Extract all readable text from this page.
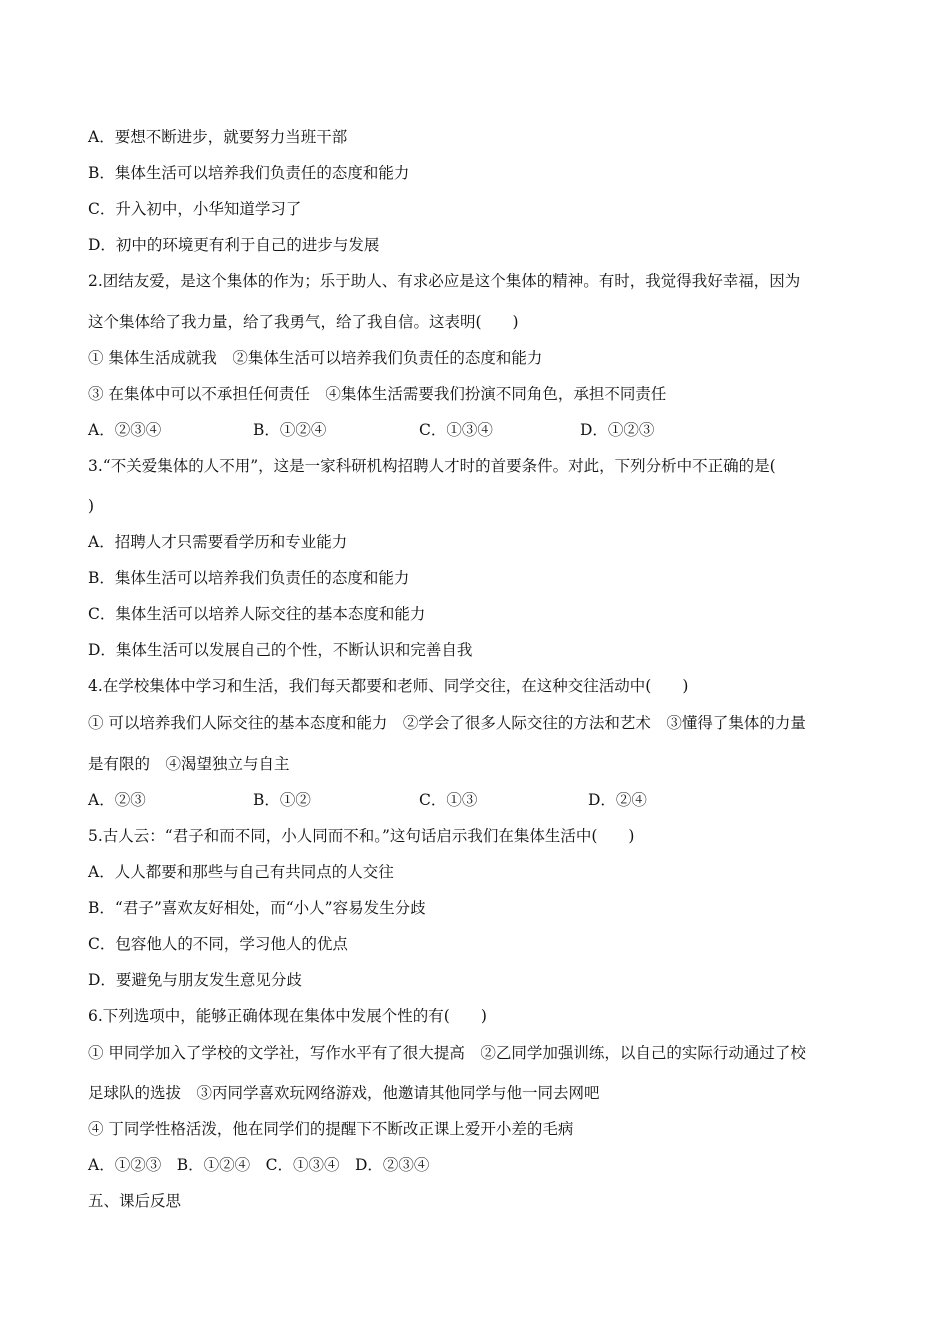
A．要想不断进步，就要努力当班干部
B．集体生活可以培养我们负责任的态度和能力
C．升入初中，小华知道学习了
D．初中的环境更有利于自己的进步与发展
2.团结友爱，是这个集体的作为；乐于助人、有求必应是这个集体的精神。有时，我觉得我好幸福，因为
这个集体给了我力量，给了我勇气，给了我自信。这表明(　　)
① 集体生活成就我　②集体生活可以培养我们负责任的态度和能力
③ 在集体中可以不承担任何责任　④集体生活需要我们扮演不同角色，承担不同责任
A．②③④	B．①②④	C．①③④	D．①②③
3.“不关爱集体的人不用”，这是一家科研机构招聘人才时的首要条件。对此，下列分析中不正确的是(
)
A．招聘人才只需要看学历和专业能力
B．集体生活可以培养我们负责任的态度和能力
C．集体生活可以培养人际交往的基本态度和能力
D．集体生活可以发展自己的个性，不断认识和完善自我
4.在学校集体中学习和生活，我们每天都要和老师、同学交往，在这种交往活动中(　　)
① 可以培养我们人际交往的基本态度和能力　②学会了很多人际交往的方法和艺术　③懂得了集体的力量
是有限的　④渴望独立与自主
A．②③	B．①②	C．①③	D．②④
5.古人云：“君子和而不同，小人同而不和。”这句话启示我们在集体生活中(　　)
A．人人都要和那些与自己有共同点的人交往
B．“君子”喜欢友好相处，而“小人”容易发生分歧
C．包容他人的不同，学习他人的优点
D．要避免与朋友发生意见分歧
6.下列选项中，能够正确体现在集体中发展个性的有(　　)
① 甲同学加入了学校的文学社，写作水平有了很大提高　②乙同学加强训练，以自己的实际行动通过了校
足球队的选拔　③丙同学喜欢玩网络游戏，他邀请其他同学与他一同去网吧
④ 丁同学性格活泼，他在同学们的提醒下不断改正课上爱开小差的毛病
A．①②③　B．①②④　C．①③④　D．②③④
五、课后反思
